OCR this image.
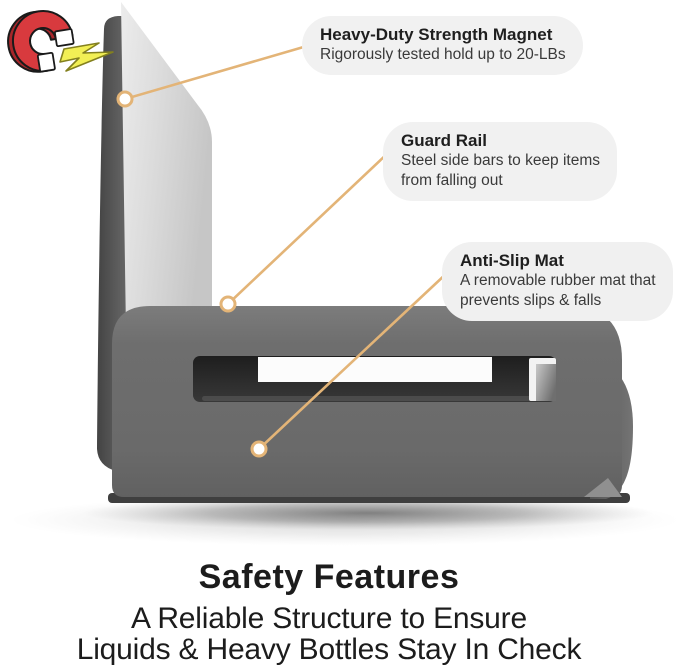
Heavy-Duty Strength Magnet
Rigorously tested hold up to 20-LBs
Guard Rail
Steel side bars to keep items
from falling out
Anti-Slip Mat
A removable rubber mat that
prevents slips & falls
Safety Features
A Reliable Structure to Ensure
Liquids & Heavy Bottles Stay In Check
